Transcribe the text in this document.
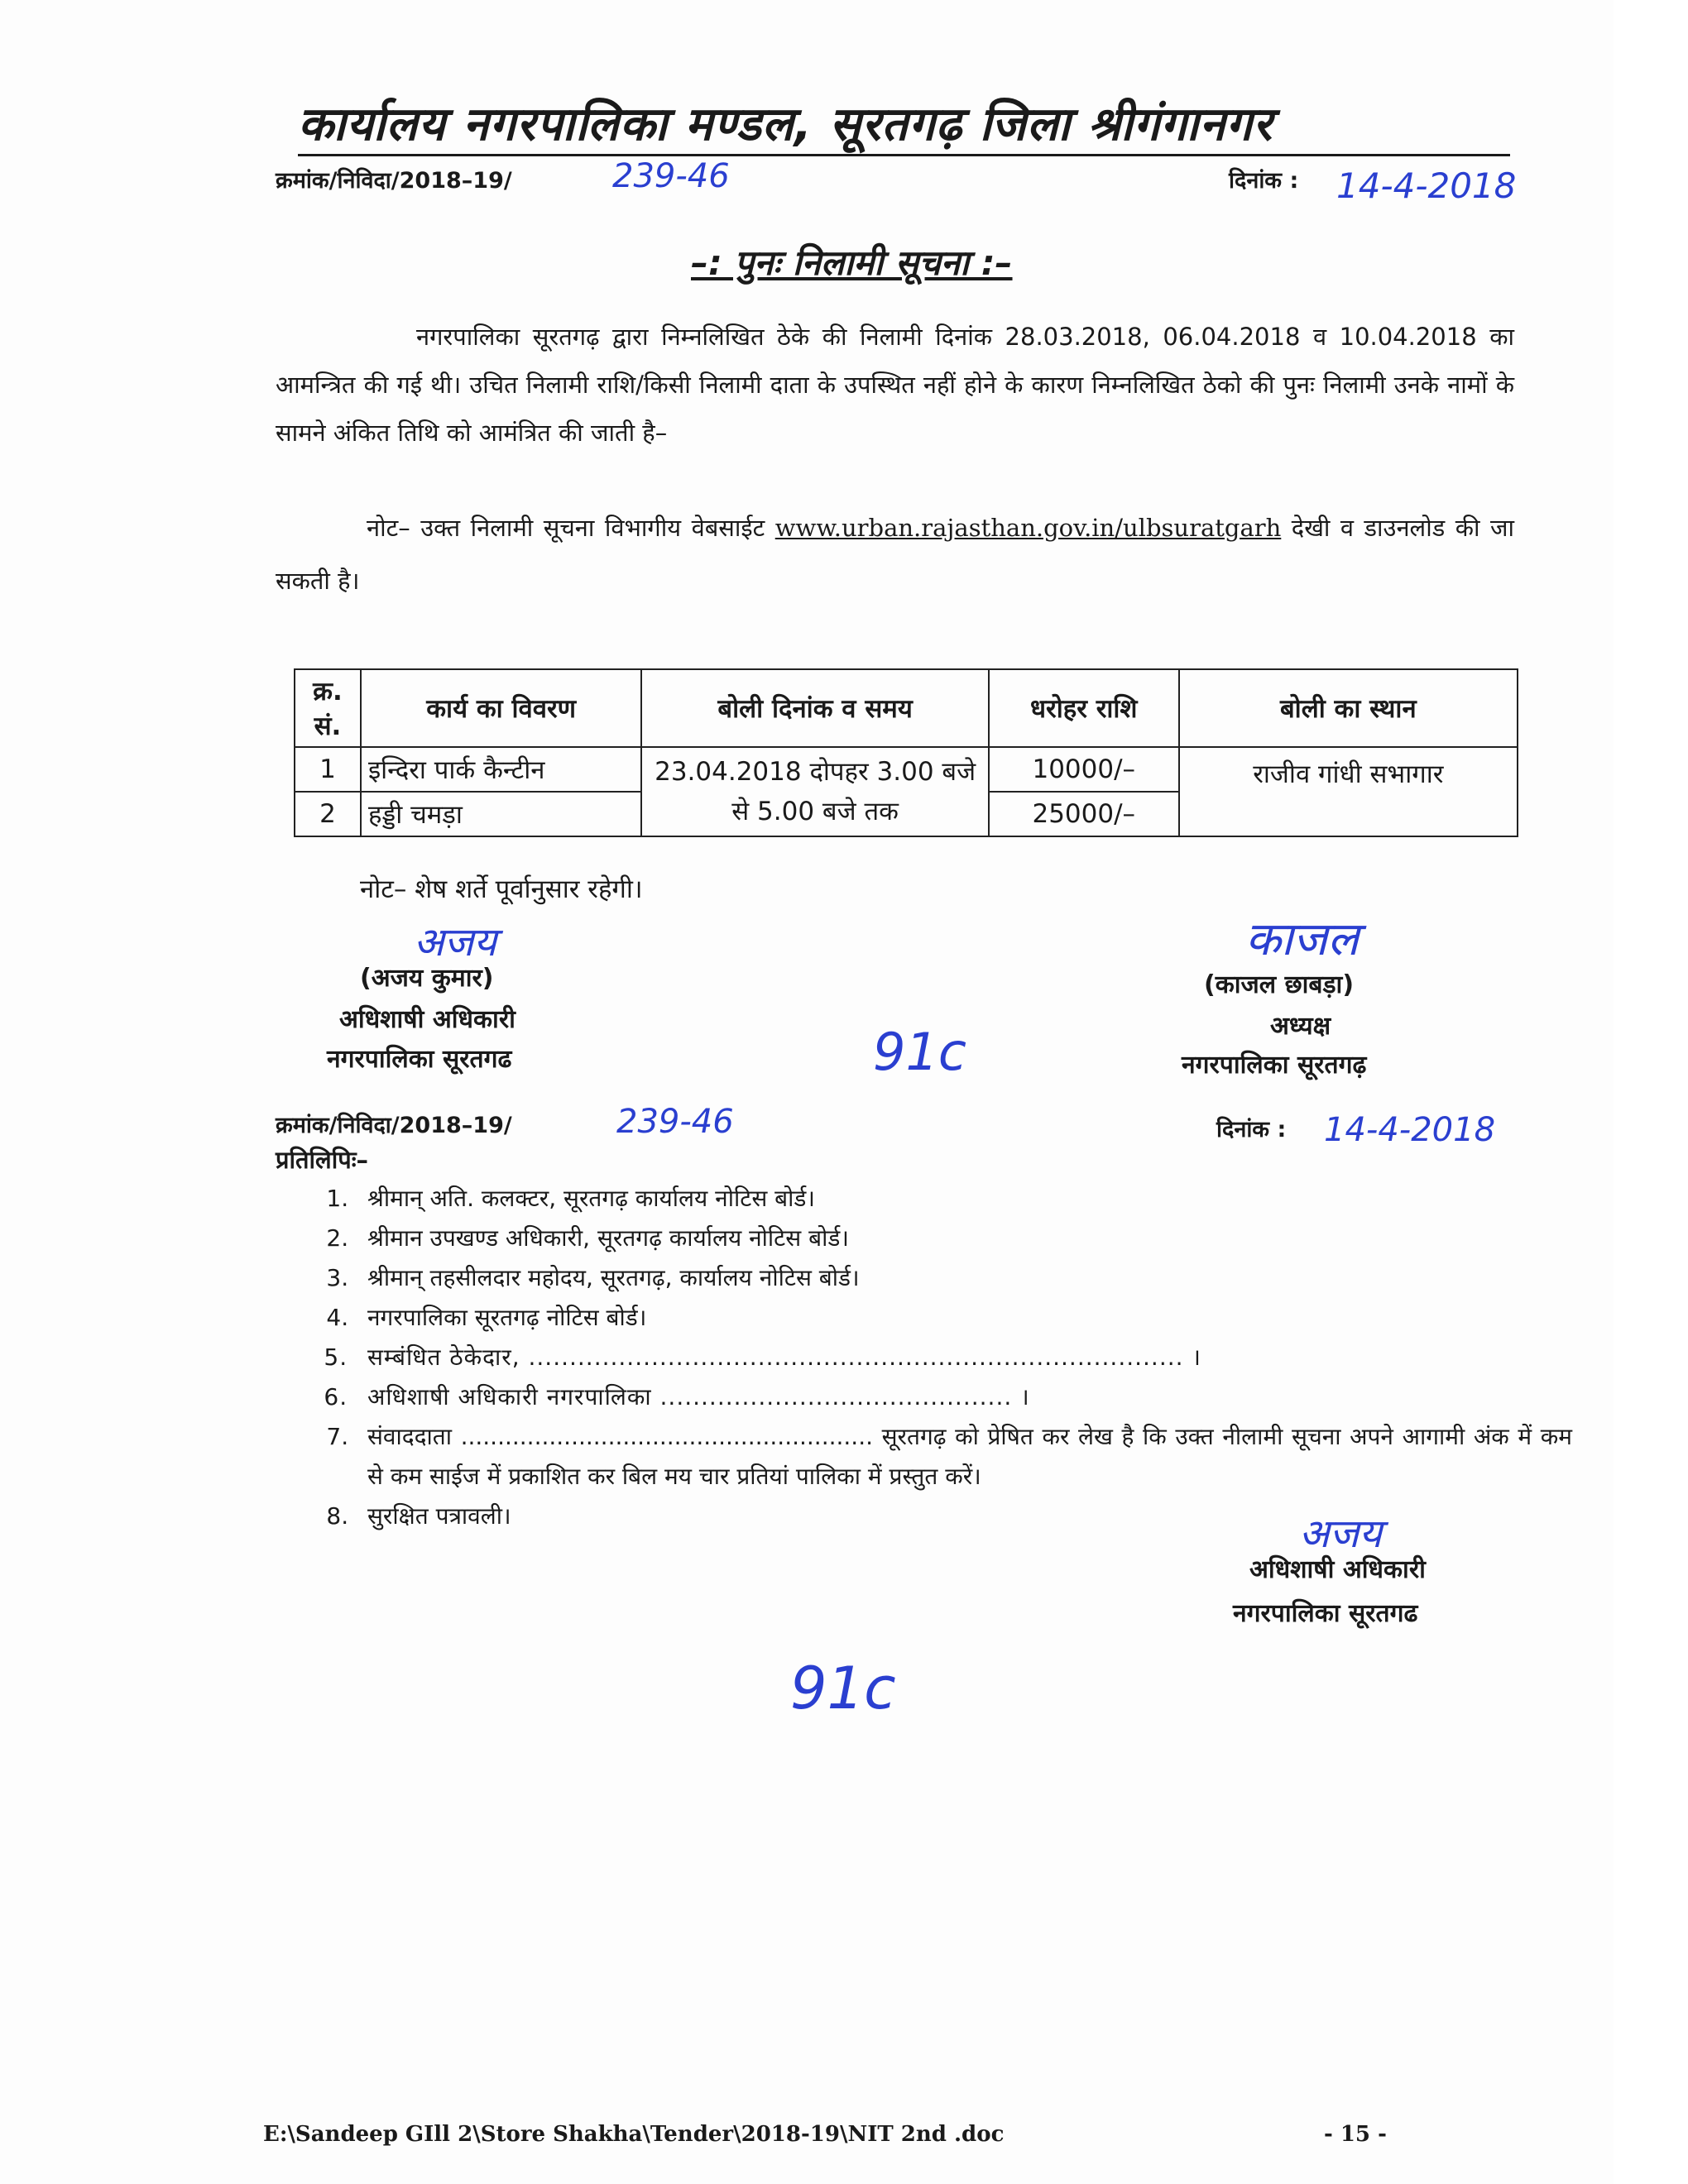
कार्यालय नगरपालिका मण्डल, सूरतगढ़ जिला श्रीगंगानगर
क्रमांक/निविदा/2018–19/	239-46	दिनांक : 14-4-2018
–: पुनः निलामी सूचना :–

नगरपालिका सूरतगढ़ द्वारा निम्नलिखित ठेके की निलामी दिनांक 28.03.2018, 06.04.2018 व 10.04.2018 का आमन्त्रित की गई थी। उचित निलामी राशि/किसी निलामी दाता के उपस्थित नहीं होने के कारण निम्नलिखित ठेको की पुनः निलामी उनके नामों के सामने अंकित तिथि को आमंत्रित की जाती है–

नोट– उक्त निलामी सूचना विभागीय वेबसाईट www.urban.rajasthan.gov.in/ulbsuratgarh देखी व डाउनलोड की जा सकती है।

क्र. सं.	कार्य का विवरण	बोली दिनांक व समय	धरोहर राशि	बोली का स्थान
1	इन्दिरा पार्क कैन्टीन	23.04.2018 दोपहर 3.00 बजे से 5.00 बजे तक	10000/–	राजीव गांधी सभागार
2	हड्डी चमड़ा		25000/–	
नोट– शेष शर्ते पूर्वानुसार रहेगी।
अजय
(अजय कुमार)
अधिशाषी अधिकारी
नगरपालिका सूरतगढ	91c
काजल
(काजल छाबड़ा)
अध्यक्ष
नगरपालिका सूरतगढ़
क्रमांक/निविदा/2018–19/	239-46	दिनांक : 14-4-2018
प्रतिलिपिः–
1. श्रीमान् अति. कलक्टर, सूरतगढ़ कार्यालय नोटिस बोर्ड।
2. श्रीमान उपखण्ड अधिकारी, सूरतगढ़ कार्यालय नोटिस बोर्ड।
3. श्रीमान् तहसीलदार महोदय, सूरतगढ़, कार्यालय नोटिस बोर्ड।
4. नगरपालिका सूरतगढ़ नोटिस बोर्ड।
5. सम्बंधित ठेकेदार, ................................................................................ ।
6. अधिशाषी अधिकारी नगरपालिका ........................................... ।
7. संवाददाता ........................................................ सूरतगढ़ को प्रेषित कर लेख है कि उक्त नीलामी सूचना अपने आगामी अंक में कम से कम साईज में प्रकाशित कर बिल मय चार प्रतियां पालिका में प्रस्तुत करें।
8. सुरक्षित पत्रावली।	अजय
अधिशाषी अधिकारी
नगरपालिका सूरतगढ
91c
E:\Sandeep GIll 2\Store Shakha\Tender\2018-19\NIT 2nd .doc	- 15 -
